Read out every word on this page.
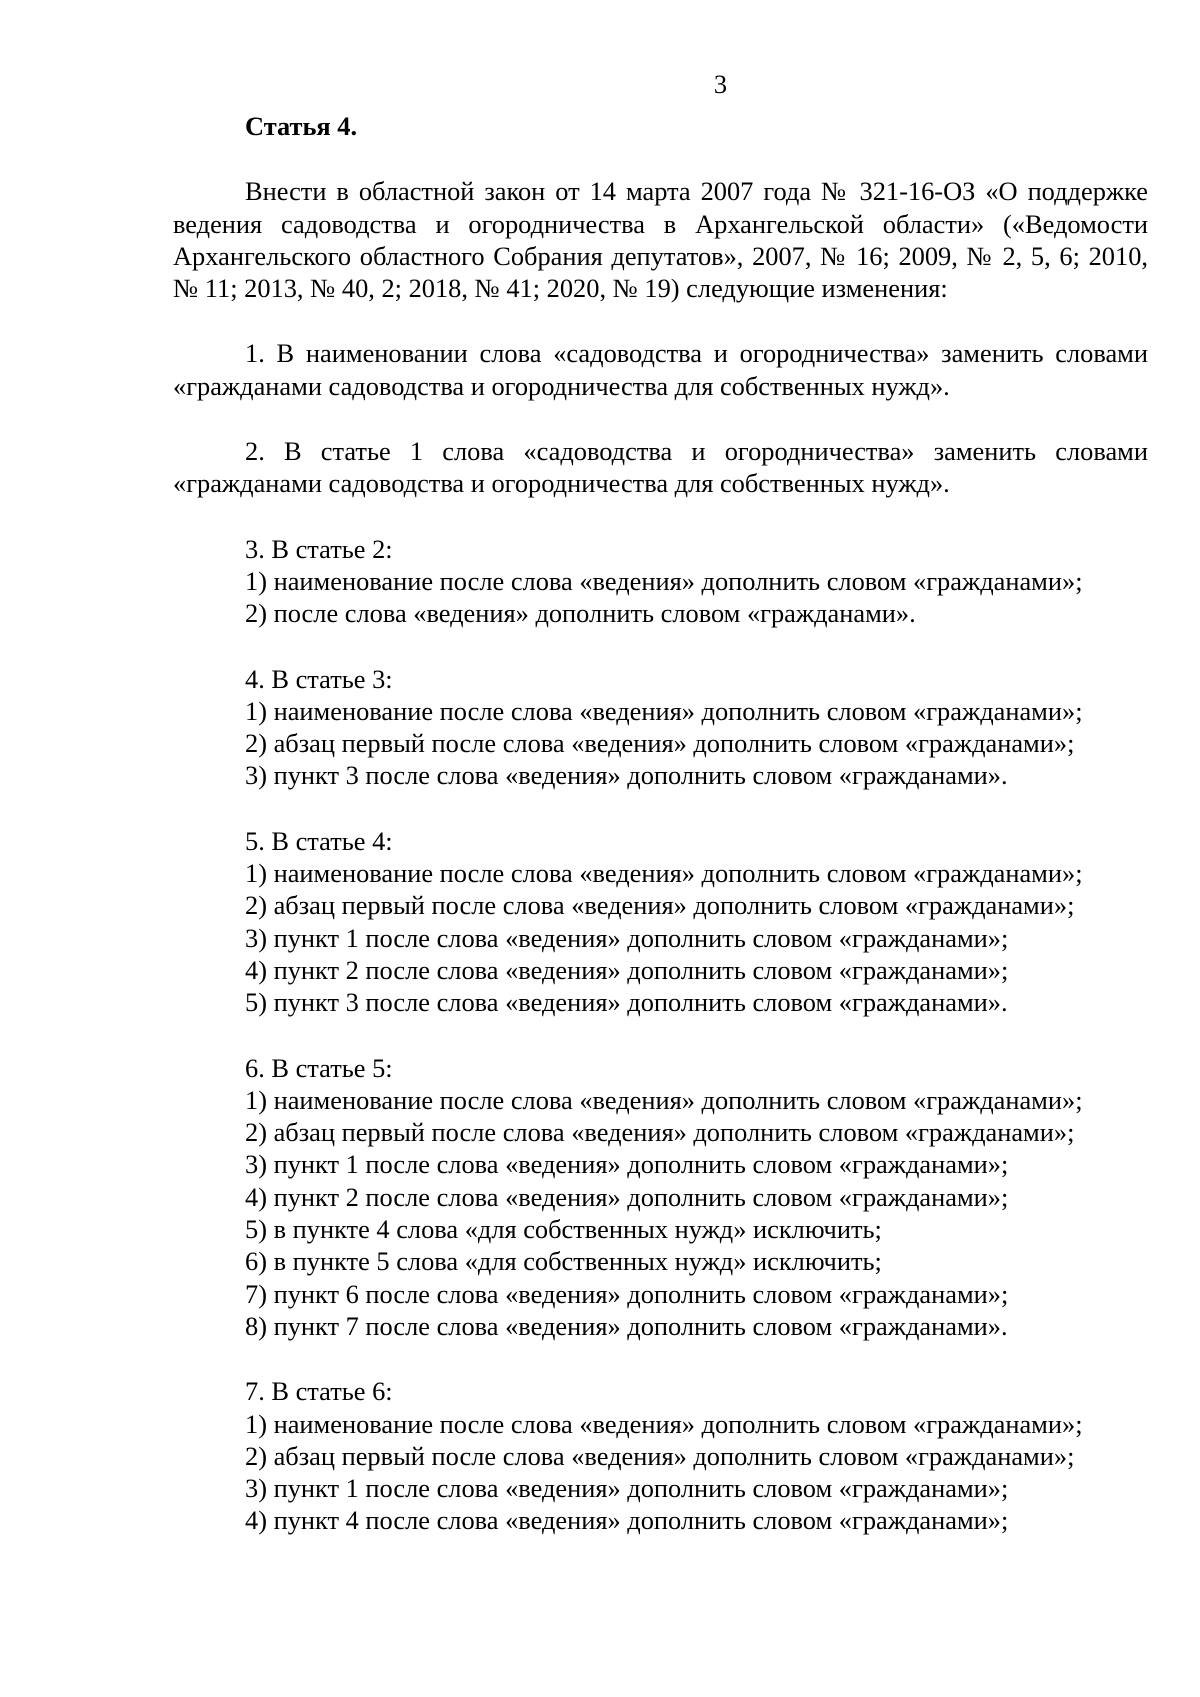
3

Статья 4.

Внести в областной закон от 14 марта 2007 года № 321-16-ОЗ «О поддержке ведения садоводства и огородничества в Архангельской области» («Ведомости Архангельского областного Собрания депутатов», 2007, № 16; 2009, № 2, 5, 6; 2010, № 11; 2013, № 40, 2; 2018, № 41; 2020, № 19) следующие изменения:

1. В наименовании слова «садоводства и огородничества» заменить словами «гражданами садоводства и огородничества для собственных нужд».

2. В статье 1 слова «садоводства и огородничества» заменить словами «гражданами садоводства и огородничества для собственных нужд».

3. В статье 2:

1) наименование после слова «ведения» дополнить словом «гражданами»;

2) после слова «ведения» дополнить словом «гражданами».

4. В статье 3:

1) наименование после слова «ведения» дополнить словом «гражданами»;

2) абзац первый после слова «ведения» дополнить словом «гражданами»;

3) пункт 3 после слова «ведения» дополнить словом «гражданами».

5. В статье 4:

1) наименование после слова «ведения» дополнить словом «гражданами»;

2) абзац первый после слова «ведения» дополнить словом «гражданами»;

3) пункт 1 после слова «ведения» дополнить словом «гражданами»;

4) пункт 2 после слова «ведения» дополнить словом «гражданами»;

5) пункт 3 после слова «ведения» дополнить словом «гражданами».

6. В статье 5:

1) наименование после слова «ведения» дополнить словом «гражданами»;

2) абзац первый после слова «ведения» дополнить словом «гражданами»;

3) пункт 1 после слова «ведения» дополнить словом «гражданами»;

4) пункт 2 после слова «ведения» дополнить словом «гражданами»;

5) в пункте 4 слова «для собственных нужд» исключить;

6) в пункте 5 слова «для собственных нужд» исключить;

7) пункт 6 после слова «ведения» дополнить словом «гражданами»;

8) пункт 7 после слова «ведения» дополнить словом «гражданами».

7. В статье 6:

1) наименование после слова «ведения» дополнить словом «гражданами»;

2) абзац первый после слова «ведения» дополнить словом «гражданами»;

3) пункт 1 после слова «ведения» дополнить словом «гражданами»;

4) пункт 4 после слова «ведения» дополнить словом «гражданами»;
